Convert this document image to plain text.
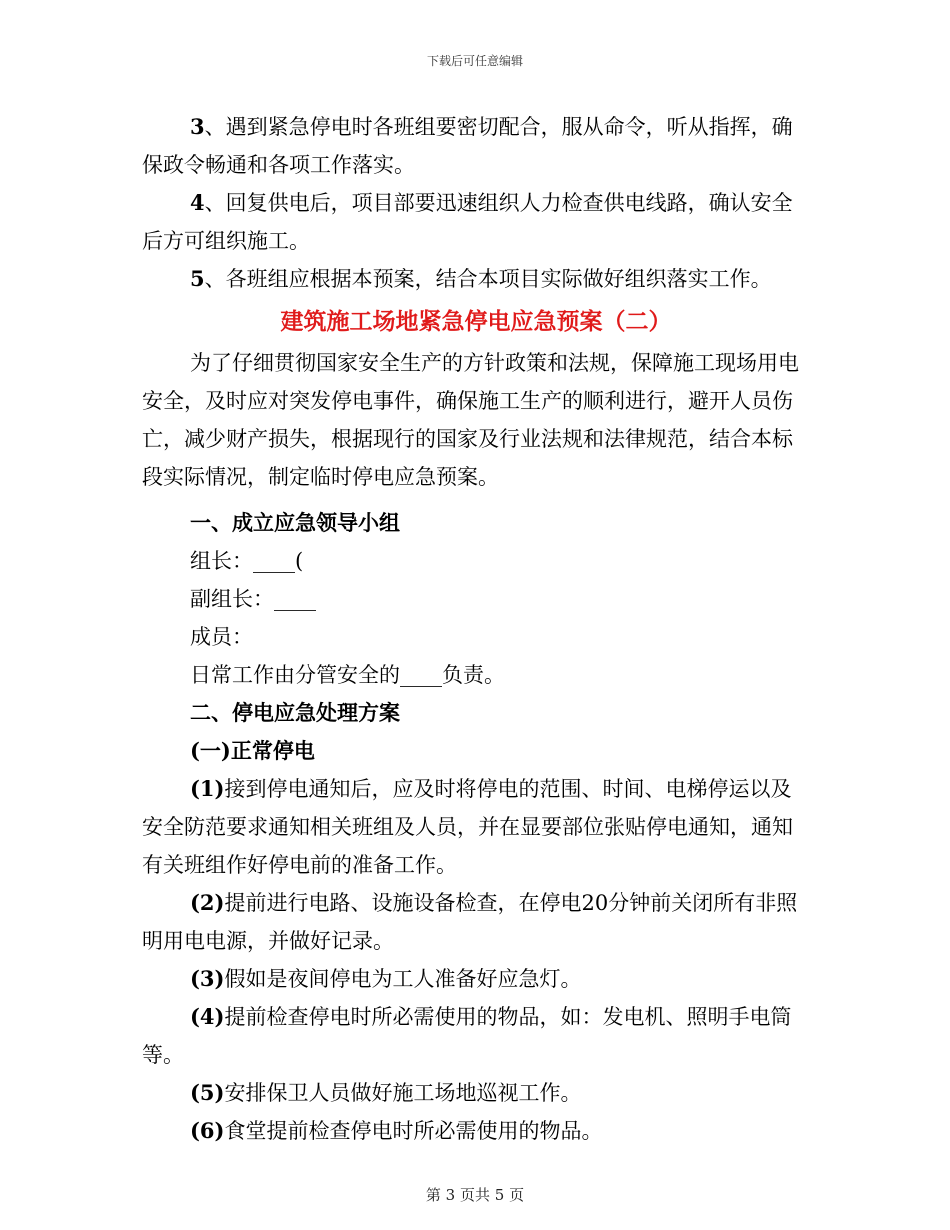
下载后可任意编辑

3、遇到紧急停电时各班组要密切配合，服从命令，听从指挥，确保政令畅通和各项工作落实。

4、回复供电后，项目部要迅速组织人力检查供电线路，确认安全后方可组织施工。

5、各班组应根据本预案，结合本项目实际做好组织落实工作。

建筑施工场地紧急停电应急预案（二）

为了仔细贯彻国家安全生产的方针政策和法规，保障施工现场用电安全，及时应对突发停电事件，确保施工生产的顺利进行，避开人员伤亡，减少财产损失，根据现行的国家及行业法规和法律规范，结合本标段实际情况，制定临时停电应急预案。

一、成立应急领导小组

组长：____(

副组长：____

成员：

日常工作由分管安全的____负责。

二、停电应急处理方案

(一)正常停电

(1)接到停电通知后，应及时将停电的范围、时间、电梯停运以及安全防范要求通知相关班组及人员，并在显要部位张贴停电通知，通知有关班组作好停电前的准备工作。

(2)提前进行电路、设施设备检查，在停电20分钟前关闭所有非照明用电电源，并做好记录。

(3)假如是夜间停电为工人准备好应急灯。

(4)提前检查停电时所必需使用的物品，如：发电机、照明手电筒等。

(5)安排保卫人员做好施工场地巡视工作。

(6)食堂提前检查停电时所必需使用的物品。

第 3 页共 5 页
